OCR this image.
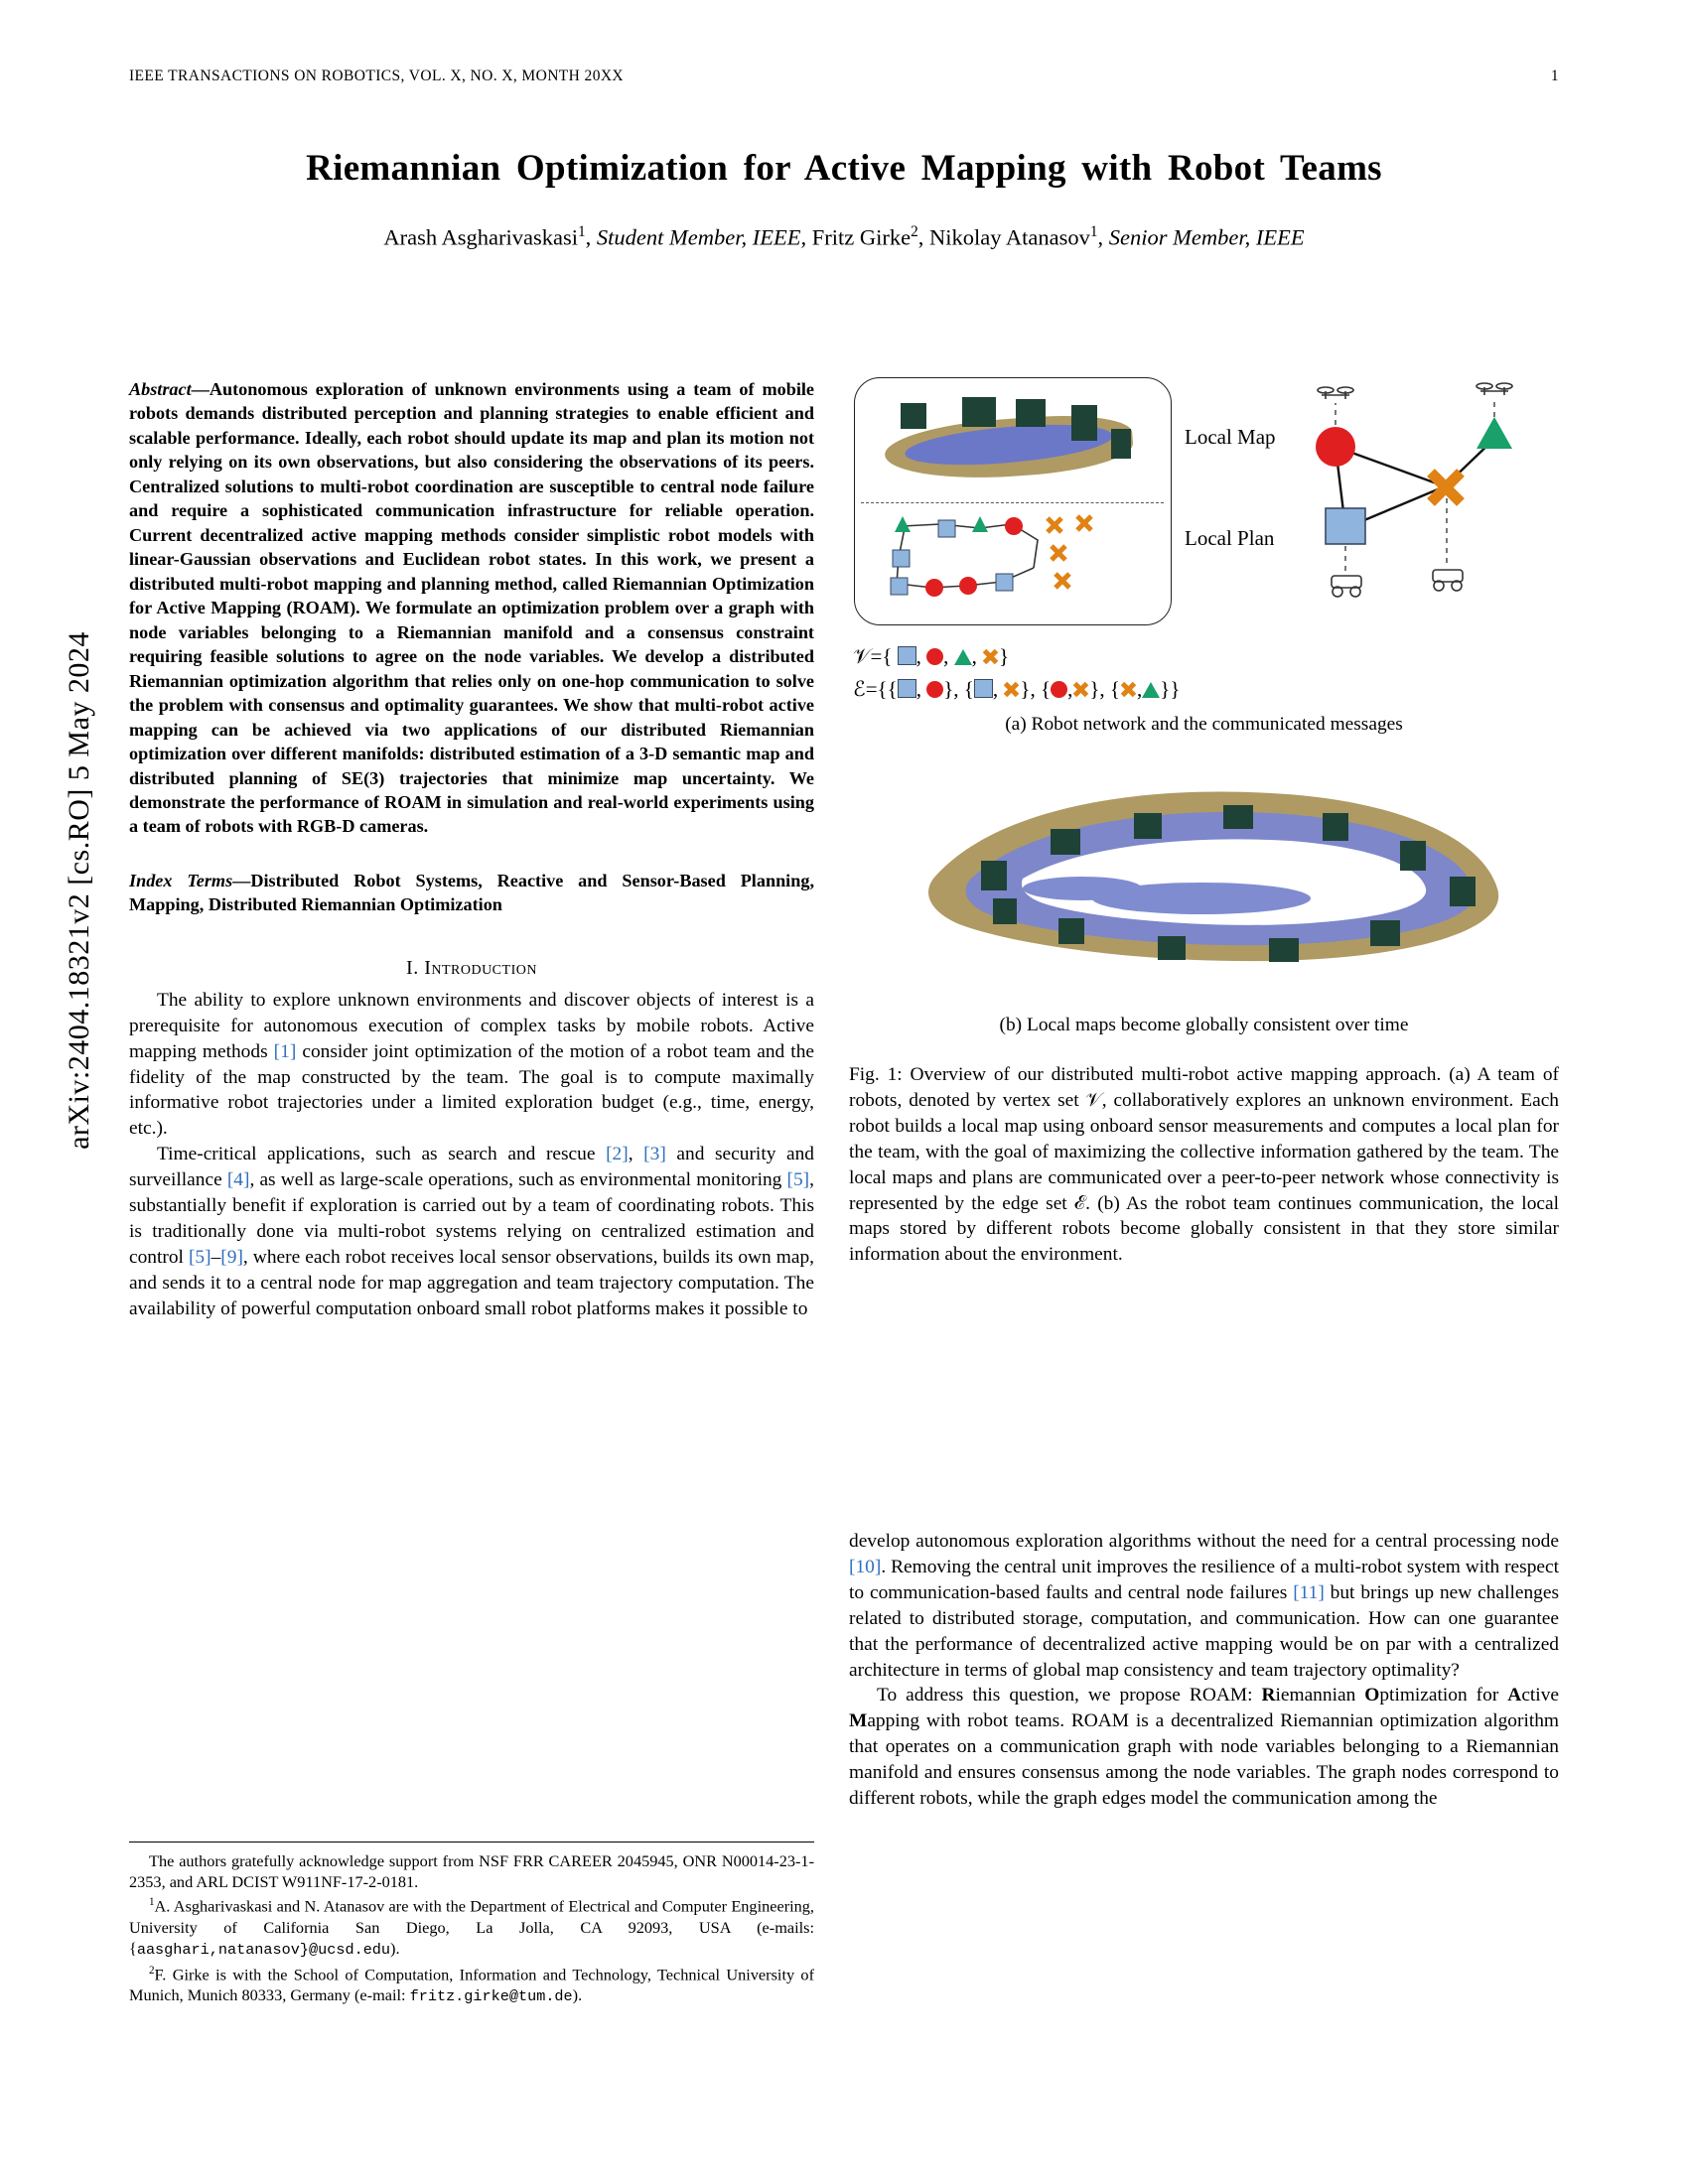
arXiv:2404.18321v2 [cs.RO] 5 May 2024
IEEE TRANSACTIONS ON ROBOTICS, VOL. X, NO. X, MONTH 20XX	1
Riemannian Optimization for Active Mapping with Robot Teams
Arash Asgharivaskasi$^1$, Student Member, IEEE, Fritz Girke$^2$, Nikolay Atanasov$^1$, Senior Member, IEEE
Abstract—Autonomous exploration of unknown environments using a team of mobile robots demands distributed perception and planning strategies to enable efficient and scalable performance. Ideally, each robot should update its map and plan its motion not only relying on its own observations, but also considering the observations of its peers. Centralized solutions to multi-robot coordination are susceptible to central node failure and require a sophisticated communication infrastructure for reliable operation. Current decentralized active mapping methods consider simplistic robot models with linear-Gaussian observations and Euclidean robot states. In this work, we present a distributed multi-robot mapping and planning method, called Riemannian Optimization for Active Mapping (ROAM). We formulate an optimization problem over a graph with node variables belonging to a Riemannian manifold and a consensus constraint requiring feasible solutions to agree on the node variables. We develop a distributed Riemannian optimization algorithm that relies only on one-hop communication to solve the problem with consensus and optimality guarantees. We show that multi-robot active mapping can be achieved via two applications of our distributed Riemannian optimization over different manifolds: distributed estimation of a 3-D semantic map and distributed planning of SE(3) trajectories that minimize map uncertainty. We demonstrate the performance of ROAM in simulation and real-world experiments using a team of robots with RGB-D cameras.
Index Terms—Distributed Robot Systems, Reactive and Sensor-Based Planning, Mapping, Distributed Riemannian Optimization
I. Introduction

The ability to explore unknown environments and discover objects of interest is a prerequisite for autonomous execution of complex tasks by mobile robots. Active mapping methods [1] consider joint optimization of the motion of a robot team and the fidelity of the map constructed by the team. The goal is to compute maximally informative robot trajectories under a limited exploration budget (e.g., time, energy, etc.).

Time-critical applications, such as search and rescue [2], [3] and security and surveillance [4], as well as large-scale operations, such as environmental monitoring [5], substantially benefit if exploration is carried out by a team of coordinating robots. This is traditionally done via multi-robot systems relying on centralized estimation and control [5]–[9], where each robot receives local sensor observations, builds its own map, and sends it to a central node for map aggregation and team trajectory computation. The availability of powerful computation onboard small robot platforms makes it possible to

The authors gratefully acknowledge support from NSF FRR CAREER 2045945, ONR N00014-23-1-2353, and ARL DCIST W911NF-17-2-0181.

$^1$A. Asgharivaskasi and N. Atanasov are with the Department of Electrical and Computer Engineering, University of California San Diego, La Jolla, CA 92093, USA (e-mails: {aasghari,natanasov}@ucsd.edu).

$^2$F. Girke is with the School of Computation, Information and Technology, Technical University of Munich, Munich 80333, Germany (e-mail: fritz.girke@tum.de).

Local Map
Local Plan
𝒱={ , , , }
ℰ={{ , }, { , }, { , }, { , }}
(a) Robot network and the communicated messages
(b) Local maps become globally consistent over time
Fig. 1: Overview of our distributed multi-robot active mapping approach. (a) A team of robots, denoted by vertex set 𝒱, collaboratively explores an unknown environment. Each robot builds a local map using onboard sensor measurements and computes a local plan for the team, with the goal of maximizing the collective information gathered by the team. The local maps and plans are communicated over a peer-to-peer network whose connectivity is represented by the edge set ℰ. (b) As the robot team continues communication, the local maps stored by different robots become globally consistent in that they store similar information about the environment.

develop autonomous exploration algorithms without the need for a central processing node [10]. Removing the central unit improves the resilience of a multi-robot system with respect to communication-based faults and central node failures [11] but brings up new challenges related to distributed storage, computation, and communication. How can one guarantee that the performance of decentralized active mapping would be on par with a centralized architecture in terms of global map consistency and team trajectory optimality?

To address this question, we propose ROAM: Riemannian Optimization for Active Mapping with robot teams. ROAM is a decentralized Riemannian optimization algorithm that operates on a communication graph with node variables belonging to a Riemannian manifold and ensures consensus among the node variables. The graph nodes correspond to different robots, while the graph edges model the communication among the
